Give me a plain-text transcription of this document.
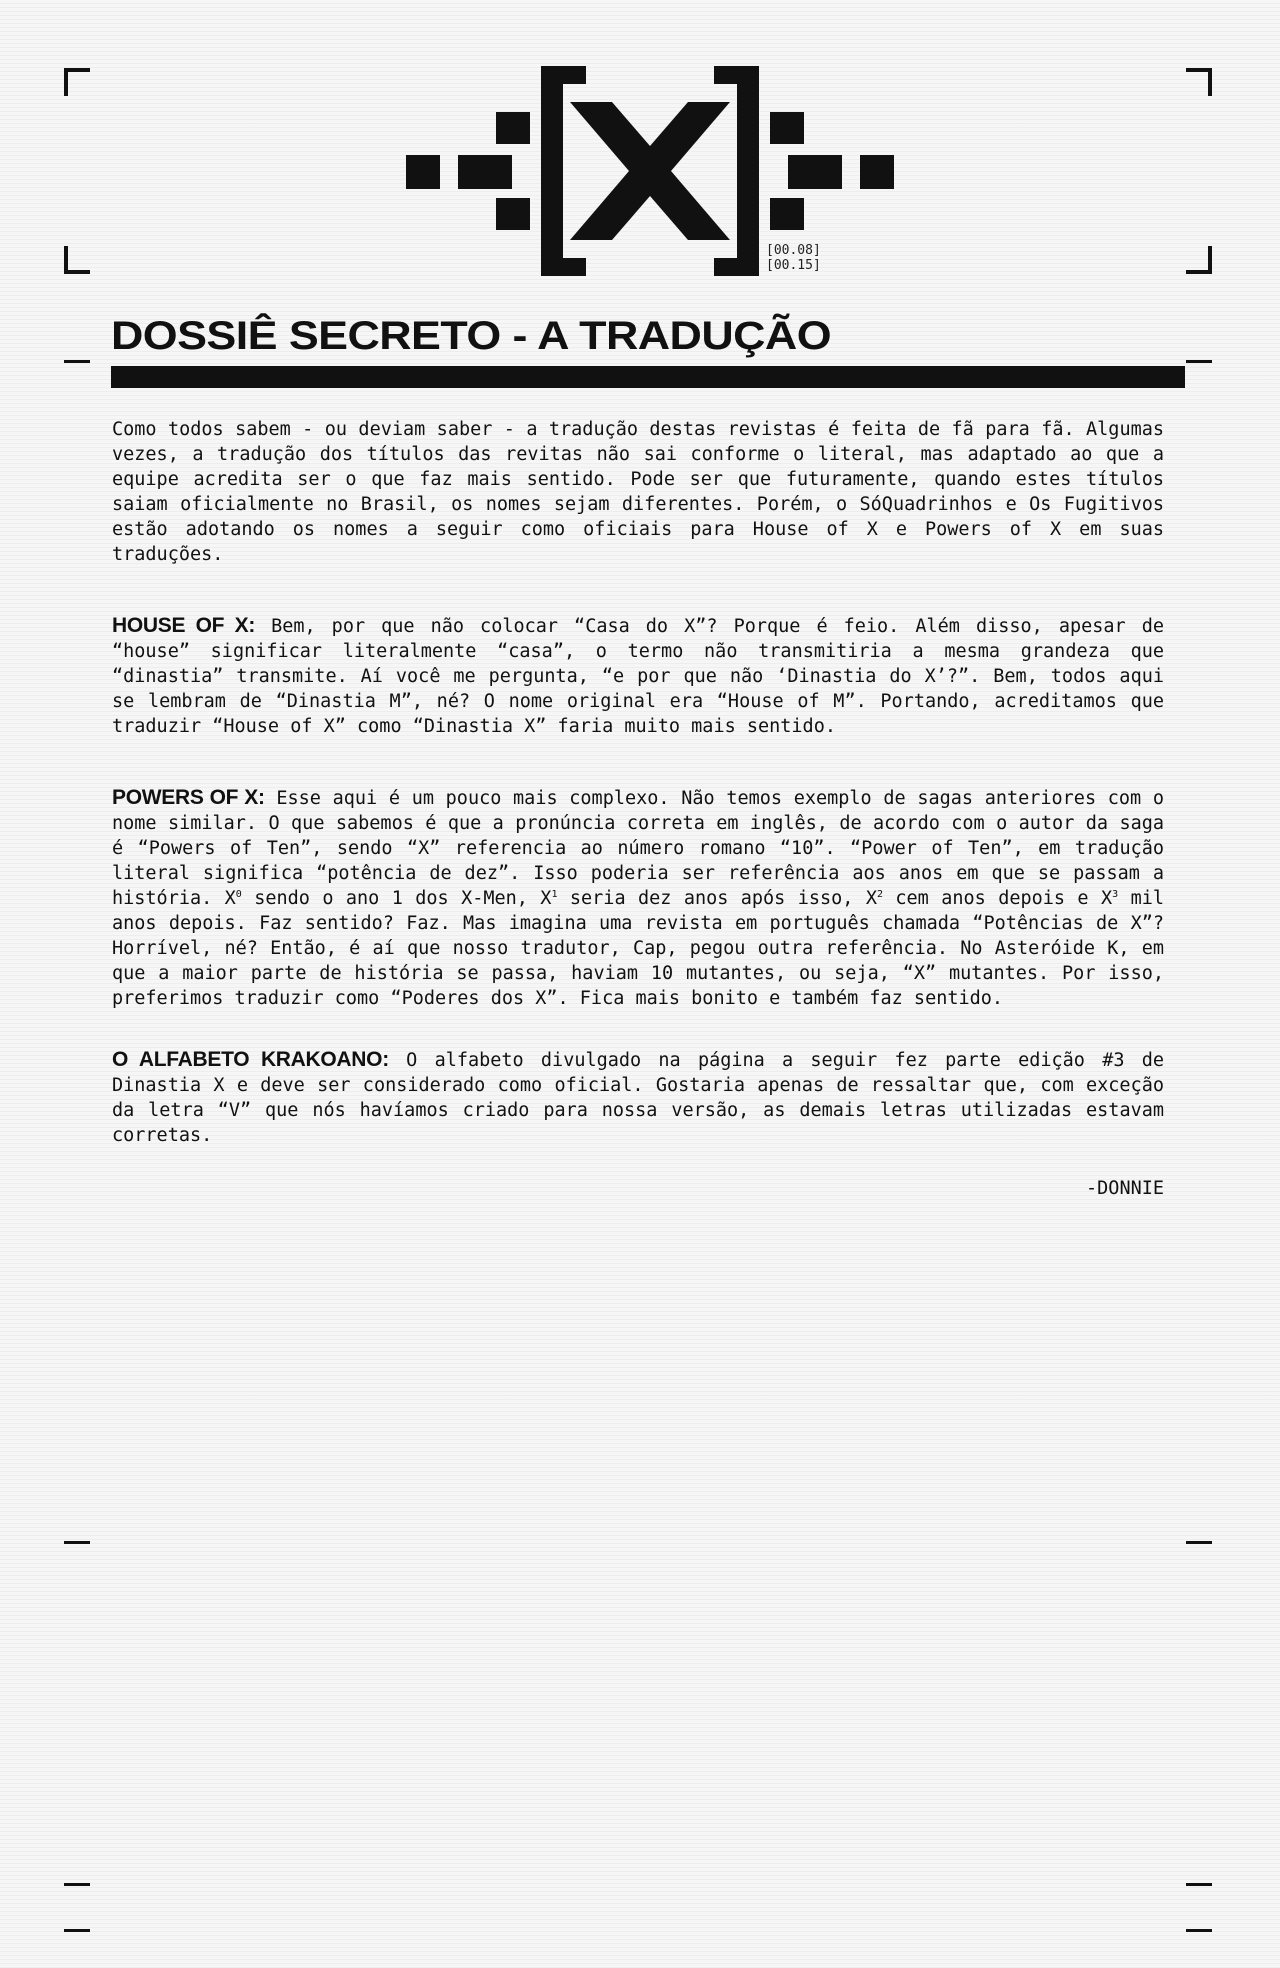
[00.08]
[00.15]
DOSSIÊ SECRETO - A TRADUÇÃO

Como todos sabem - ou deviam saber - a tradução destas revistas é feita de fã para fã. Algumas vezes, a tradução dos títulos das revitas não sai conforme o literal, mas adaptado ao que a equipe acredita ser o que faz mais sentido. Pode ser que futuramente, quando estes títulos saiam oficialmente no Brasil, os nomes sejam diferentes. Porém, o SóQuadrinhos e Os Fugitivos estão adotando os nomes a seguir como oficiais para House of X e Powers of X em suas traduções.

HOUSE OF X: Bem, por que não colocar “Casa do X”? Porque é feio. Além disso, apesar de “house” significar literalmente “casa”, o termo não transmitiria a mesma grandeza que “dinastia” transmite. Aí você me pergunta, “e por que não ‘Dinastia do X’?”. Bem, todos aqui se lembram de “Dinastia M”, né? O nome original era “House of M”. Portando, acreditamos que traduzir “House of X” como “Dinastia X” faria muito mais sentido.

POWERS OF X: Esse aqui é um pouco mais complexo. Não temos exemplo de sagas anteriores com o nome similar. O que sabemos é que a pronúncia correta em inglês, de acordo com o autor da saga é “Powers of Ten”, sendo “X” referencia ao número romano “10”. “Power of Ten”, em tradução literal significa “potência de dez”. Isso poderia ser referência aos anos em que se passam a história. $X^0$ sendo o ano 1 dos X-Men, $X^1$ seria dez anos após isso, $X^2$ cem anos depois e $X^3$ mil anos depois. Faz sentido? Faz. Mas imagina uma revista em português chamada “Potências de X”? Horrível, né? Então, é aí que nosso tradutor, Cap, pegou outra referência. No Asteróide K, em que a maior parte de história se passa, haviam 10 mutantes, ou seja, “X” mutantes. Por isso, preferimos traduzir como “Poderes dos X”. Fica mais bonito e também faz sentido.

O ALFABETO KRAKOANO: O alfabeto divulgado na página a seguir fez parte edição #3 de Dinastia X e deve ser considerado como oficial. Gostaria apenas de ressaltar que, com exceção da letra “V” que nós havíamos criado para nossa versão, as demais letras utilizadas estavam corretas.

-DONNIE
